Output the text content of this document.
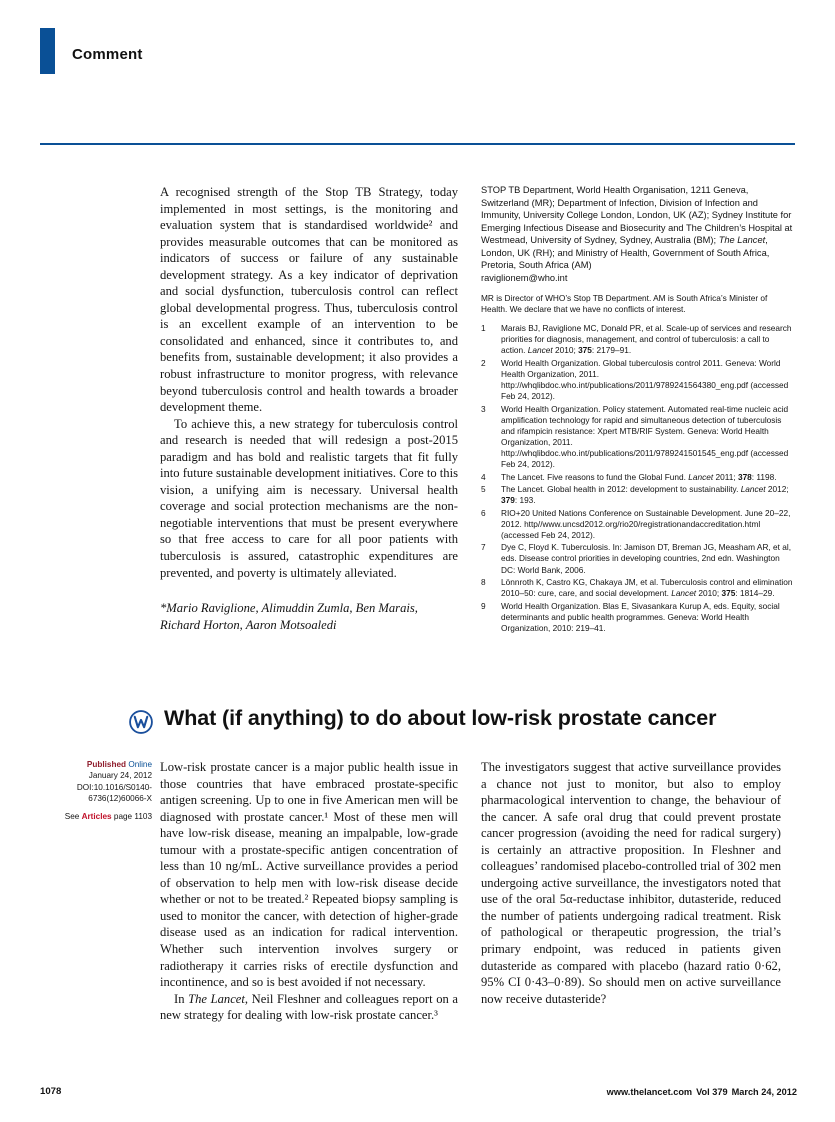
Comment

A recognised strength of the Stop TB Strategy, today implemented in most settings, is the monitoring and evaluation system that is standardised worldwide² and provides measurable outcomes that can be monitored as indicators of success or failure of any sustainable development strategy. As a key indicator of deprivation and social dysfunction, tuberculosis control can reflect global developmental progress. Thus, tuberculosis control is an excellent example of an intervention to be consolidated and enhanced, since it contributes to, and benefits from, sustainable development; it also provides a robust infrastructure to monitor progress, with relevance beyond tuberculosis control and health towards a broader development theme.

To achieve this, a new strategy for tuberculosis control and research is needed that will redesign a post-2015 paradigm and has bold and realistic targets that fit fully into future sustainable development initiatives. Core to this vision, a unifying aim is necessary. Universal health coverage and social protection mechanisms are the non-negotiable interventions that must be present everywhere so that free access to care for all poor patients with tuberculosis is assured, catastrophic expenditures are prevented, and poverty is ultimately alleviated.

*Mario Raviglione, Alimuddin Zumla, Ben Marais, Richard Horton, Aaron Motsoaledi

STOP TB Department, World Health Organisation, 1211 Geneva, Switzerland (MR); Department of Infection, Division of Infection and Immunity, University College London, London, UK (AZ); Sydney Institute for Emerging Infectious Disease and Biosecurity and The Children’s Hospital at Westmead, University of Sydney, Sydney, Australia (BM); The Lancet, London, UK (RH); and Ministry of Health, Government of South Africa, Pretoria, South Africa (AM)

raviglionem@who.int

MR is Director of WHO’s Stop TB Department. AM is South Africa’s Minister of Health. We declare that we have no conflicts of interest.

1	Marais BJ, Raviglione MC, Donald PR, et al. Scale-up of services and research priorities for diagnosis, management, and control of tuberculosis: a call to action. Lancet 2010; 375: 2179–91.
2	World Health Organization. Global tuberculosis control 2011. Geneva: World Health Organization, 2011. http://whqlibdoc.who.int/publications/2011/9789241564380_eng.pdf (accessed Feb 24, 2012).
3	World Health Organization. Policy statement. Automated real-time nucleic acid amplification technology for rapid and simultaneous detection of tuberculosis and rifampicin resistance: Xpert MTB/RIF System. Geneva: World Health Organization, 2011. http://whqlibdoc.who.int/publications/2011/9789241501545_eng.pdf (accessed Feb 24, 2012).
4	The Lancet. Five reasons to fund the Global Fund. Lancet 2011; 378: 1198.
5	The Lancet. Global health in 2012: development to sustainability. Lancet 2012; 379: 193.
6	RIO+20 United Nations Conference on Sustainable Development. June 20–22, 2012. http//www.uncsd2012.org/rio20/registrationandaccreditation.html (accessed Feb 24, 2012).
7	Dye C, Floyd K. Tuberculosis. In: Jamison DT, Breman JG, Measham AR, et al, eds. Disease control priorities in developing countries, 2nd edn. Washington DC: World Bank, 2006.
8	Lönnroth K, Castro KG, Chakaya JM, et al. Tuberculosis control and elimination 2010–50: cure, care, and social development. Lancet 2010; 375: 1814–29.
9	World Health Organization. Blas E, Sivasankara Kurup A, eds. Equity, social determinants and public health programmes. Geneva: World Health Organization, 2010: 219–41.
What (if anything) to do about low-risk prostate cancer
Published Online
January 24, 2012
DOI:10.1016/S0140-
6736(12)60066-X
See Articles page 1103

Low-risk prostate cancer is a major public health issue in those countries that have embraced prostate-specific antigen screening. Up to one in five American men will be diagnosed with prostate cancer.¹ Most of these men will have low-risk disease, meaning an impalpable, low-grade tumour with a prostate-specific antigen concentration of less than 10 ng/mL. Active surveillance provides a period of observation to help men with low-risk disease decide whether or not to be treated.² Repeated biopsy sampling is used to monitor the cancer, with detection of higher-grade disease used as an indication for radical intervention. Whether such intervention involves surgery or radiotherapy it carries risks of erectile dysfunction and incontinence, and so is best avoided if not necessary.

In The Lancet, Neil Fleshner and colleagues report on a new strategy for dealing with low-risk prostate cancer.³

The investigators suggest that active surveillance provides a chance not just to monitor, but also to employ pharmacological intervention to change, the behaviour of the cancer. A safe oral drug that could prevent prostate cancer progression (avoiding the need for radical surgery) is certainly an attractive proposition. In Fleshner and colleagues’ randomised placebo-controlled trial of 302 men undergoing active surveillance, the investigators noted that use of the oral 5α-reductase inhibitor, dutasteride, reduced the number of patients undergoing radical treatment. Risk of pathological or therapeutic progression, the trial’s primary endpoint, was reduced in patients given dutasteride as compared with placebo (hazard ratio 0·62, 95% CI 0·43–0·89). So should men on active surveillance now receive dutasteride?

1078	www.thelancet.com Vol 379 March 24, 2012
